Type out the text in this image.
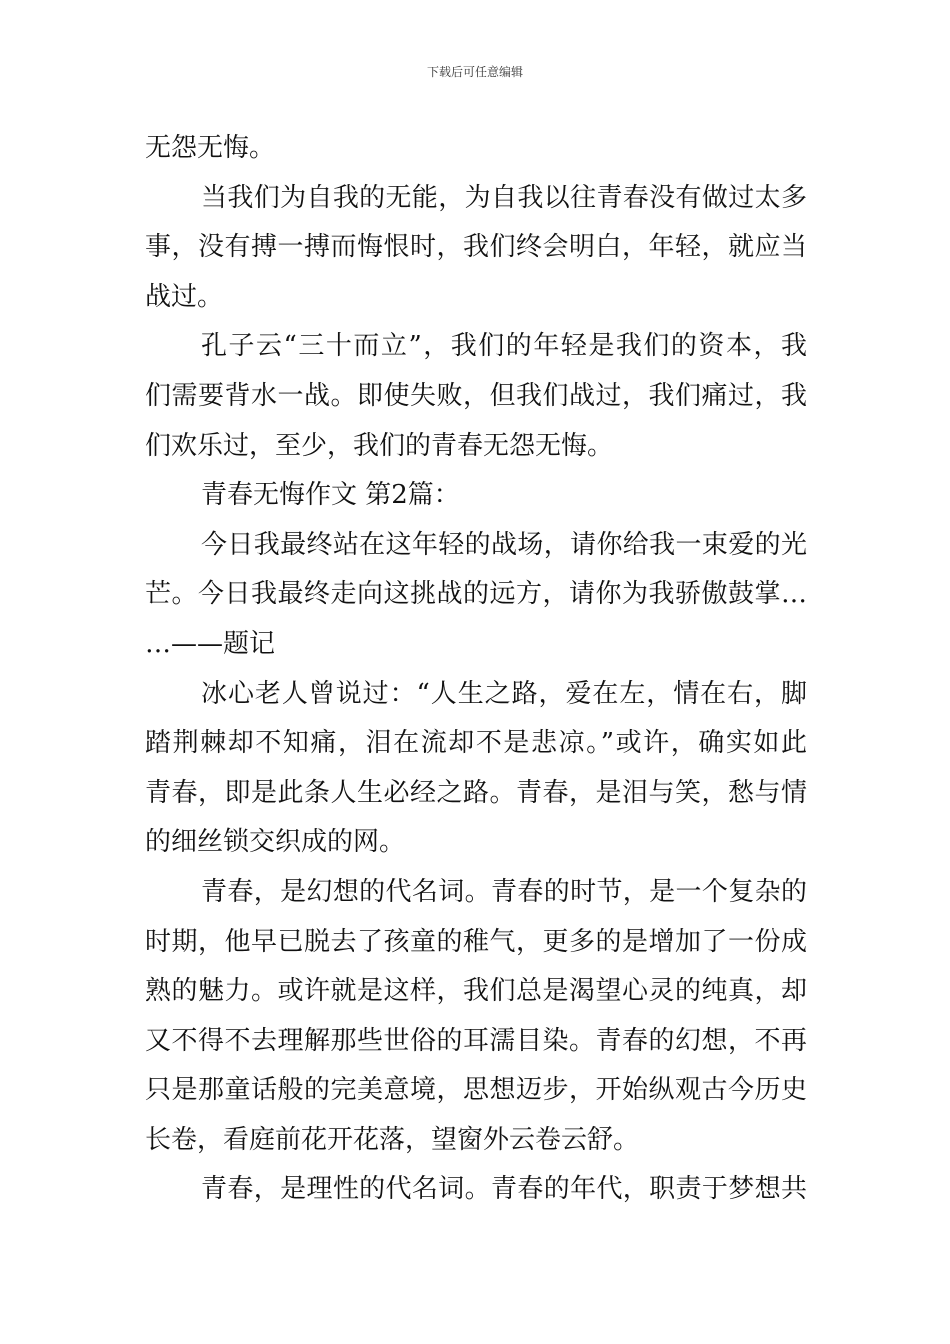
下载后可任意编辑
无怨无悔。
当我们为自我的无能，为自我以往青春没有做过太多
事，没有搏一搏而悔恨时，我们终会明白，年轻，就应当
战过。
孔子云“三十而立”，我们的年轻是我们的资本，我
们需要背水一战。即使失败，但我们战过，我们痛过，我
们欢乐过，至少，我们的青春无怨无悔。
青春无悔作文 第2篇：
今日我最终站在这年轻的战场，请你给我一束爱的光
芒。今日我最终走向这挑战的远方，请你为我骄傲鼓掌…
…——题记
冰心老人曾说过：“人生之路，爱在左，情在右，脚
踏荆棘却不知痛，泪在流却不是悲凉。”或许，确实如此
青春，即是此条人生必经之路。青春，是泪与笑，愁与情
的细丝锁交织成的网。
青春，是幻想的代名词。青春的时节，是一个复杂的
时期，他早已脱去了孩童的稚气，更多的是增加了一份成
熟的魅力。或许就是这样，我们总是渴望心灵的纯真，却
又不得不去理解那些世俗的耳濡目染。青春的幻想，不再
只是那童话般的完美意境，思想迈步，开始纵观古今历史
长卷，看庭前花开花落，望窗外云卷云舒。
青春，是理性的代名词。青春的年代，职责于梦想共
